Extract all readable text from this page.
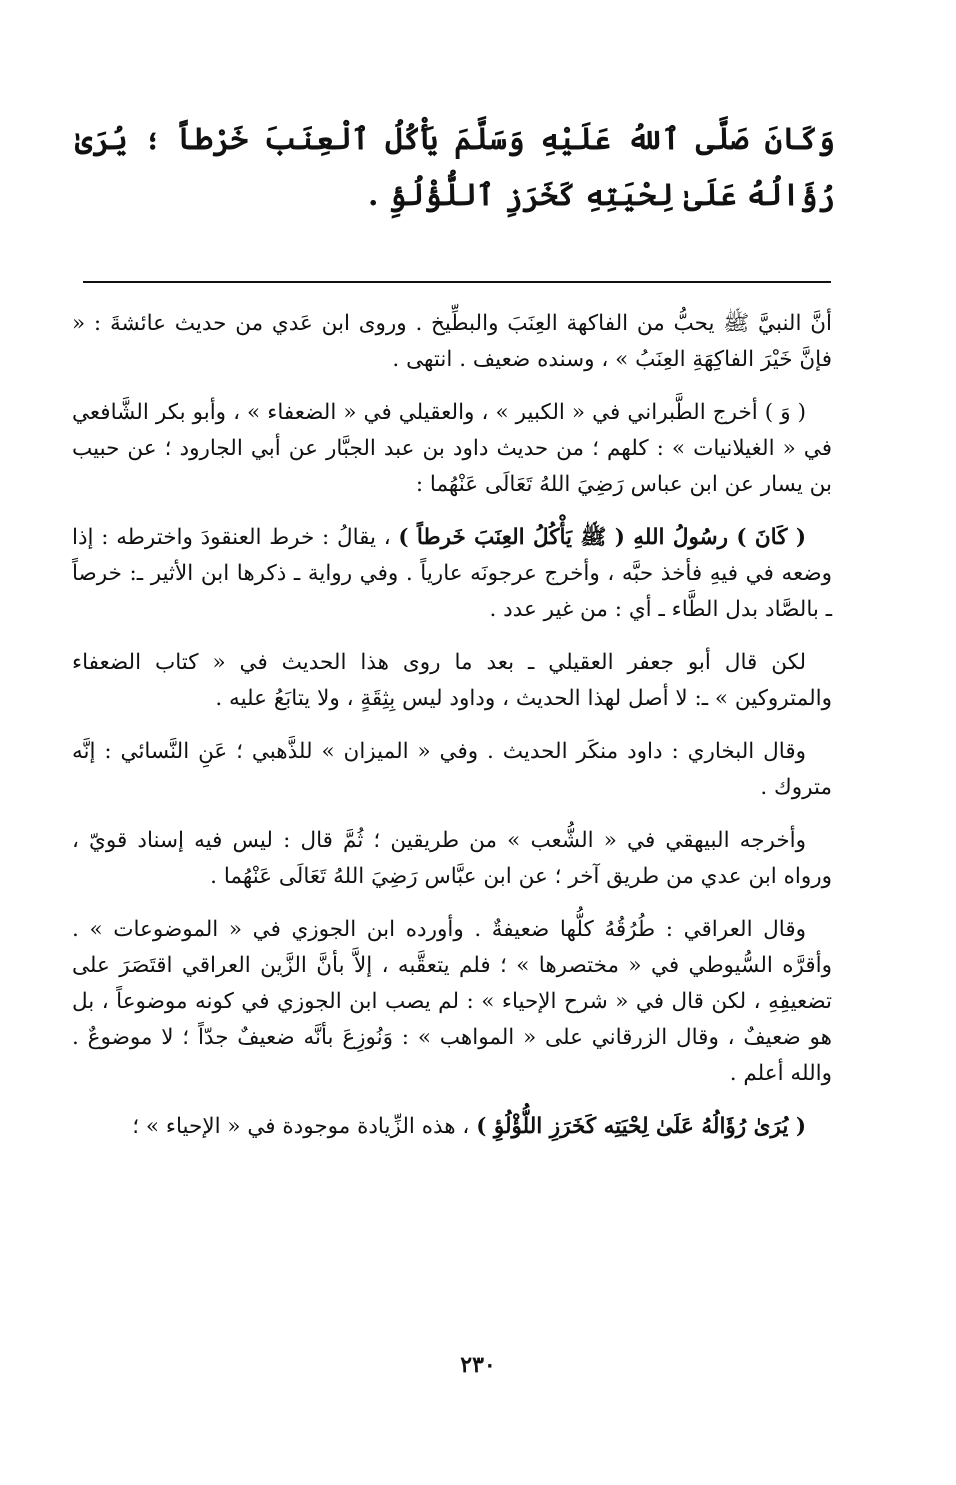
وَكَانَ صَلَّى ٱللهُ عَلَيْهِ وَسَلَّمَ يَأْكُلُ ٱلْعِنَبَ خَرْطاً ؛ يُرَىٰ رُؤَالُهُ عَلَىٰ لِحْيَتِهِ كَخَرَزِ ٱللُّؤْلُؤِ .

أنَّ النبيَّ ﷺ يحبُّ من الفاكهة العِنَبَ والبطِّيخ . وروى ابن عَدي من حديث عائشةَ : « فإنَّ خَيْرَ الفاكِهَةِ العِنَبُ » ، وسنده ضعيف . انتهى .

( وَ ) أخرج الطَّبراني في « الكبير » ، والعقيلي في « الضعفاء » ، وأبو بكر الشَّافعي في « الغيلانيات » : كلهم ؛ من حديث داود بن عبد الجبَّار عن أبي الجارود ؛ عن حبيب بن يسار عن ابن عباس رَضِيَ اللهُ تَعَالَى عَنْهُما :

( كَانَ ) رسُولُ اللهِ ( ﷺ يَأْكُلُ العِنَبَ خَرطاً ) ، يقالُ : خرط العنقودَ واخترطه : إذا وضعه في فيهِ فأخذ حبَّه ، وأخرج عرجونَه عارياً . وفي رواية ـ ذكرها ابن الأثير ـ: خرصاً ـ بالصَّاد بدل الطَّاء ـ أي : من غير عدد .

لكن قال أبو جعفر العقيلي ـ بعد ما روى هذا الحديث في « كتاب الضعفاء والمتروكين » ـ: لا أصل لهذا الحديث ، وداود ليس بِثِقَةٍ ، ولا يتابَعُ عليه .

وقال البخاري : داود منكَر الحديث . وفي « الميزان » للذَّهبي ؛ عَنِ النَّسائي : إنَّه متروك .

وأخرجه البيهقي في « الشُّعب » من طريقين ؛ ثُمَّ قال : ليس فيه إسناد قويّ ، ورواه ابن عدي من طريق آخر ؛ عن ابن عبَّاس رَضِيَ اللهُ تَعَالَى عَنْهُما .

وقال العراقي : طُرُقُهُ كلُّها ضعيفةٌ . وأورده ابن الجوزي في « الموضوعات » . وأقرَّه السُّيوطي في « مختصرها » ؛ فلم يتعقَّبه ، إلاَّ بأنَّ الزَّين العراقي اقتَصَرَ على تضعيفِهِ ، لكن قال في « شرح الإحياء » : لم يصب ابن الجوزي في كونه موضوعاً ، بل هو ضعيفٌ ، وقال الزرقاني على « المواهب » : وَنُوزِعَ بأنَّه ضعيفٌ جدّاً ؛ لا موضوعٌ . والله أعلم .

( يُرَىٰ رُؤَالُهُ عَلَىٰ لِحْيَتِه كَخَرَزِ اللُّؤْلُؤِ ) ، هذه الزِّيادة موجودة في « الإحياء » ؛

٢٣٠
